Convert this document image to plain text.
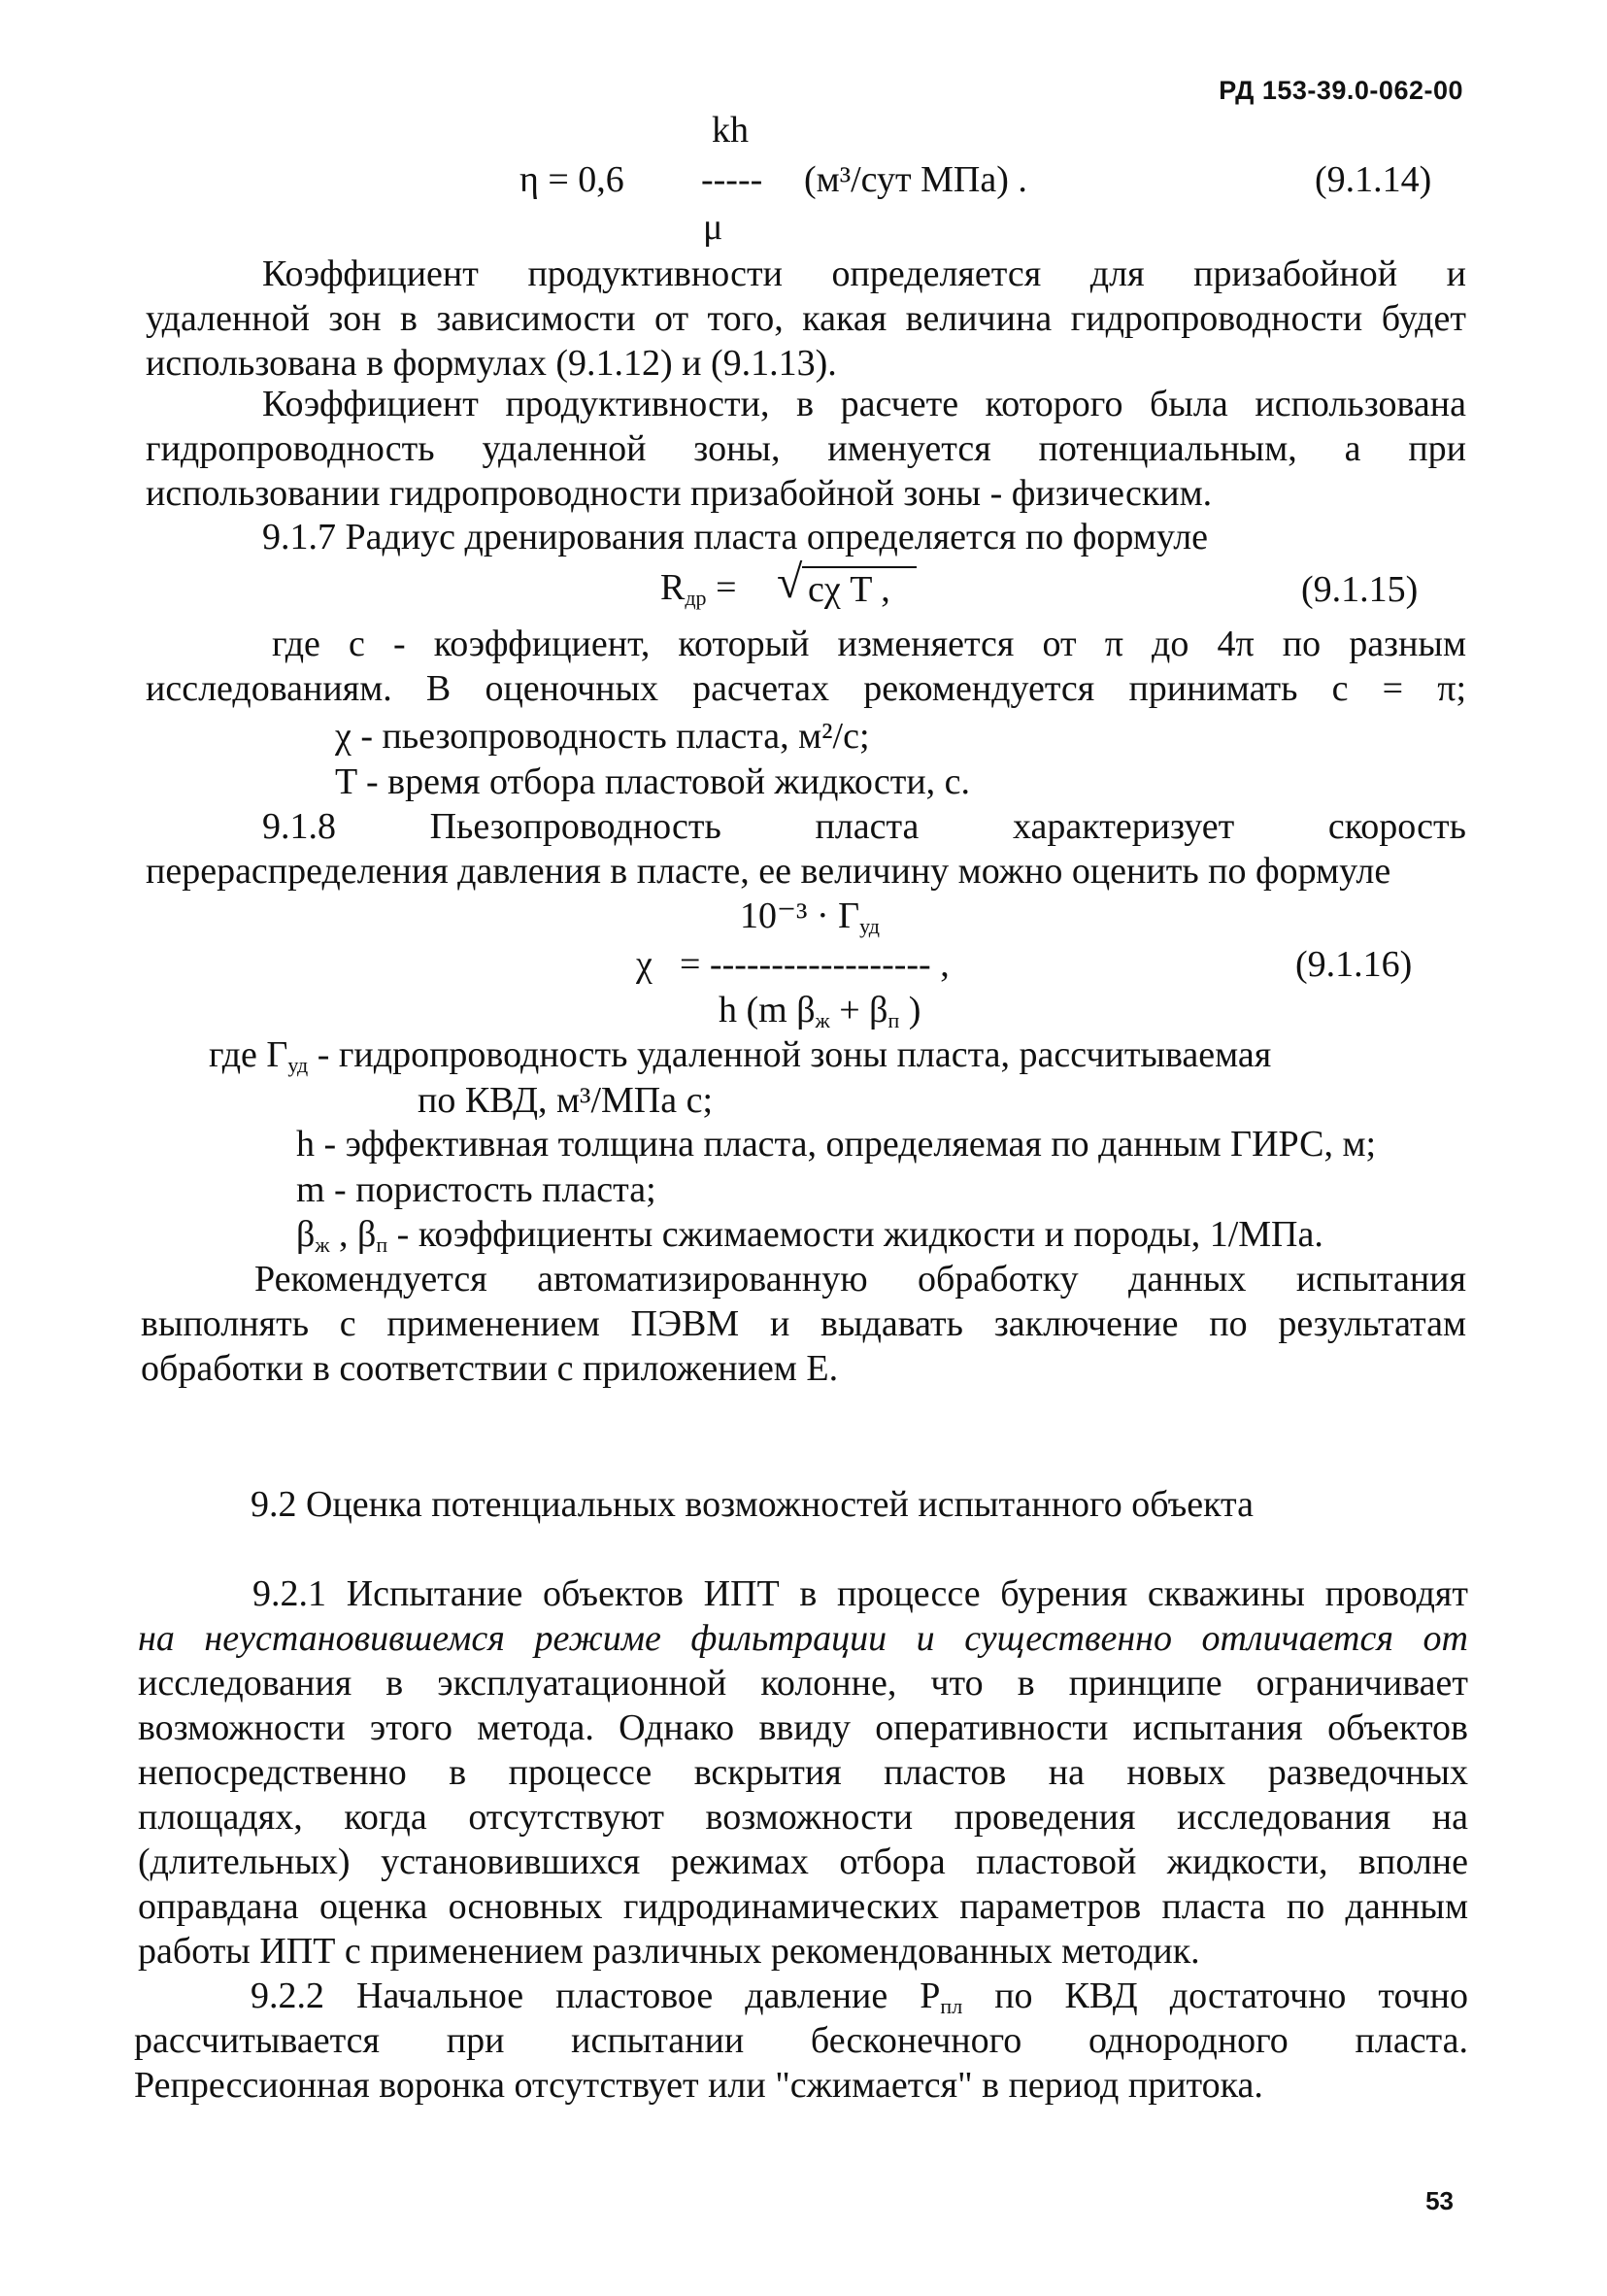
РД 153-39.0-062-00
kh
η = 0,6 ----- (м³/сут МПа) .
μ
(9.1.14)
Коэффициент продуктивности определяется для призабойной и
удаленной зон в зависимости от того, какая величина гидропроводности будет
использована в формулах (9.1.12) и (9.1.13).
Коэффициент продуктивности, в расчете которого была использована
гидропроводность удаленной зоны, именуется потенциальным, а при
использовании гидропроводности призабойной зоны - физическим.
9.1.7 Радиус дренирования пласта определяется по формуле
$R_{др}$ = √ cχ T ,	(9.1.15)
где c - коэффициент, который изменяется от π до 4π по разным
исследованиям. В оценочных расчетах рекомендуется принимать c = π;
χ - пьезопроводность пласта, м²/с;
T - время отбора пластовой жидкости, с.
9.1.8 Пьезопроводность пласта характеризует скорость
перераспределения давления в пласте, ее величину можно оценить по формуле
$10^{-3} \cdot Г_{уд}$
χ = ------------------ ,
h (m $\beta_ж + \beta_п$ )
(9.1.16)
где $Г_{уд}$ - гидропроводность удаленной зоны пласта, рассчитываемая
по КВД, м³/МПа с;
h - эффективная толщина пласта, определяемая по данным ГИРС, м;
m - пористость пласта;
$\beta_ж$ , $\beta_п$ - коэффициенты сжимаемости жидкости и породы, 1/МПа.
Рекомендуется автоматизированную обработку данных испытания
выполнять с применением ПЭВМ и выдавать заключение по результатам
обработки в соответствии с приложением Е.
9.2 Оценка потенциальных возможностей испытанного объекта
9.2.1 Испытание объектов ИПТ в процессе бурения скважины проводят
на неустановившемся режиме фильтрации и существенно отличается от
исследования в эксплуатационной колонне, что в принципе ограничивает
возможности этого метода. Однако ввиду оперативности испытания объектов
непосредственно в процессе вскрытия пластов на новых разведочных
площадях, когда отсутствуют возможности проведения исследования на
(длительных) установившихся режимах отбора пластовой жидкости, вполне
оправдана оценка основных гидродинамических параметров пласта по данным
работы ИПТ с применением различных рекомендованных методик.
9.2.2 Начальное пластовое давление $P_{пл}$ по КВД достаточно точно
рассчитывается при испытании бесконечного однородного пласта.
Репрессионная воронка отсутствует или "сжимается" в период притока.
53
